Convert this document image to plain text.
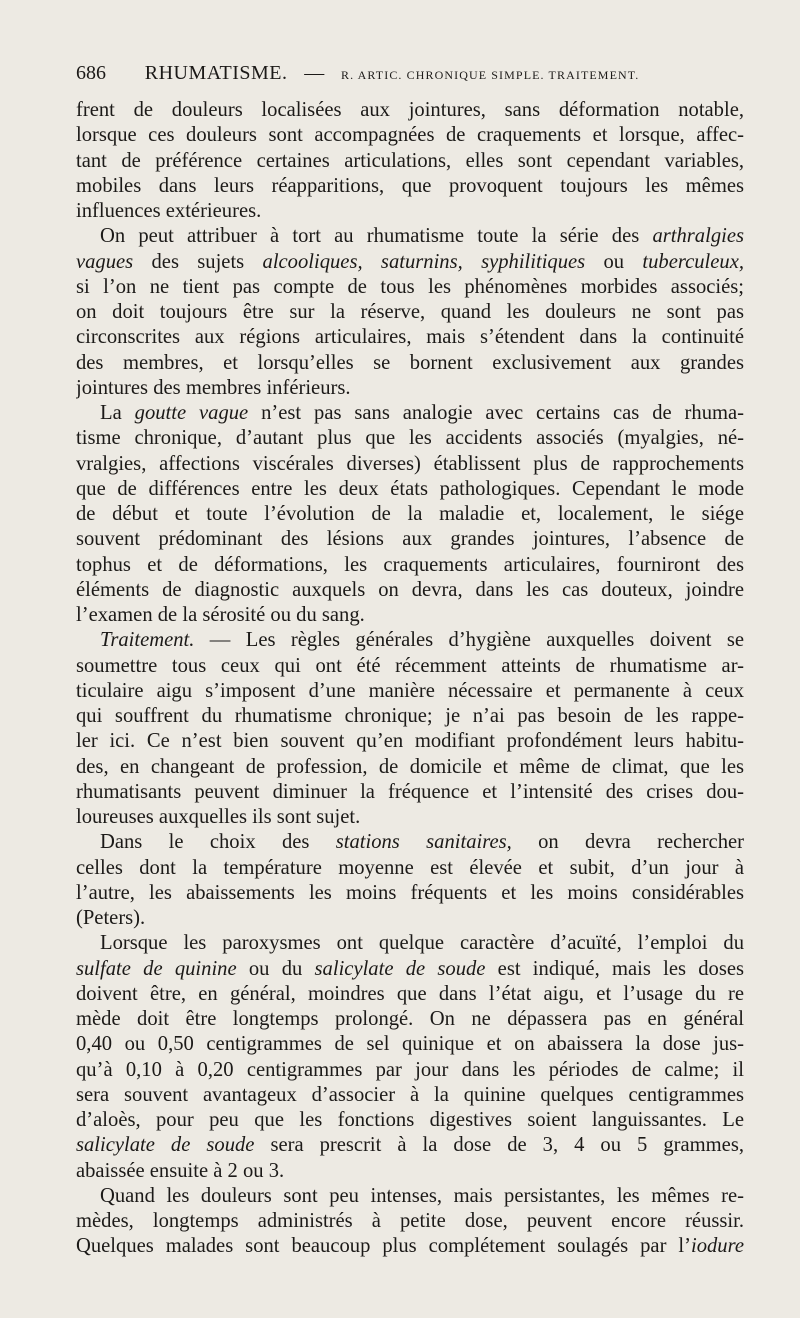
686 RHUMATISME. — R. ARTIC. CHRONIQUE SIMPLE. TRAITEMENT.
frent de douleurs localisées aux jointures, sans déformation notable,
lorsque ces douleurs sont accompagnées de craquements et lorsque, affec-
tant de préférence certaines articulations, elles sont cependant variables,
mobiles dans leurs réapparitions, que provoquent toujours les mêmes
influences extérieures.
On peut attribuer à tort au rhumatisme toute la série des arthralgies
vagues des sujets alcooliques, saturnins, syphilitiques ou tuberculeux,
si l’on ne tient pas compte de tous les phénomènes morbides associés;
on doit toujours être sur la réserve, quand les douleurs ne sont pas
circonscrites aux régions articulaires, mais s’étendent dans la continuité
des membres, et lorsqu’elles se bornent exclusivement aux grandes
jointures des membres inférieurs.
La goutte vague n’est pas sans analogie avec certains cas de rhuma-
tisme chronique, d’autant plus que les accidents associés (myalgies, né-
vralgies, affections viscérales diverses) établissent plus de rapprochements
que de différences entre les deux états pathologiques. Cependant le mode
de début et toute l’évolution de la maladie et, localement, le siége
souvent prédominant des lésions aux grandes jointures, l’absence de
tophus et de déformations, les craquements articulaires, fourniront des
éléments de diagnostic auxquels on devra, dans les cas douteux, joindre
l’examen de la sérosité ou du sang.
Traitement. — Les règles générales d’hygiène auxquelles doivent se
soumettre tous ceux qui ont été récemment atteints de rhumatisme ar-
ticulaire aigu s’imposent d’une manière nécessaire et permanente à ceux
qui souffrent du rhumatisme chronique; je n’ai pas besoin de les rappe-
ler ici. Ce n’est bien souvent qu’en modifiant profondément leurs habitu-
des, en changeant de profession, de domicile et même de climat, que les
rhumatisants peuvent diminuer la fréquence et l’intensité des crises dou-
loureuses auxquelles ils sont sujet.
Dans le choix des stations sanitaires, on devra rechercher
celles dont la température moyenne est élevée et subit, d’un jour à
l’autre, les abaissements les moins fréquents et les moins considérables
(Peters).
Lorsque les paroxysmes ont quelque caractère d’acuïté, l’emploi du
sulfate de quinine ou du salicylate de soude est indiqué, mais les doses
doivent être, en général, moindres que dans l’état aigu, et l’usage du re
mède doit être longtemps prolongé. On ne dépassera pas en général
0,40 ou 0,50 centigrammes de sel quinique et on abaissera la dose jus-
qu’à 0,10 à 0,20 centigrammes par jour dans les périodes de calme; il
sera souvent avantageux d’associer à la quinine quelques centigrammes
d’aloès, pour peu que les fonctions digestives soient languissantes. Le
salicylate de soude sera prescrit à la dose de 3, 4 ou 5 grammes,
abaissée ensuite à 2 ou 3.
Quand les douleurs sont peu intenses, mais persistantes, les mêmes re-
mèdes, longtemps administrés à petite dose, peuvent encore réussir.
Quelques malades sont beaucoup plus complétement soulagés par l’iodure
